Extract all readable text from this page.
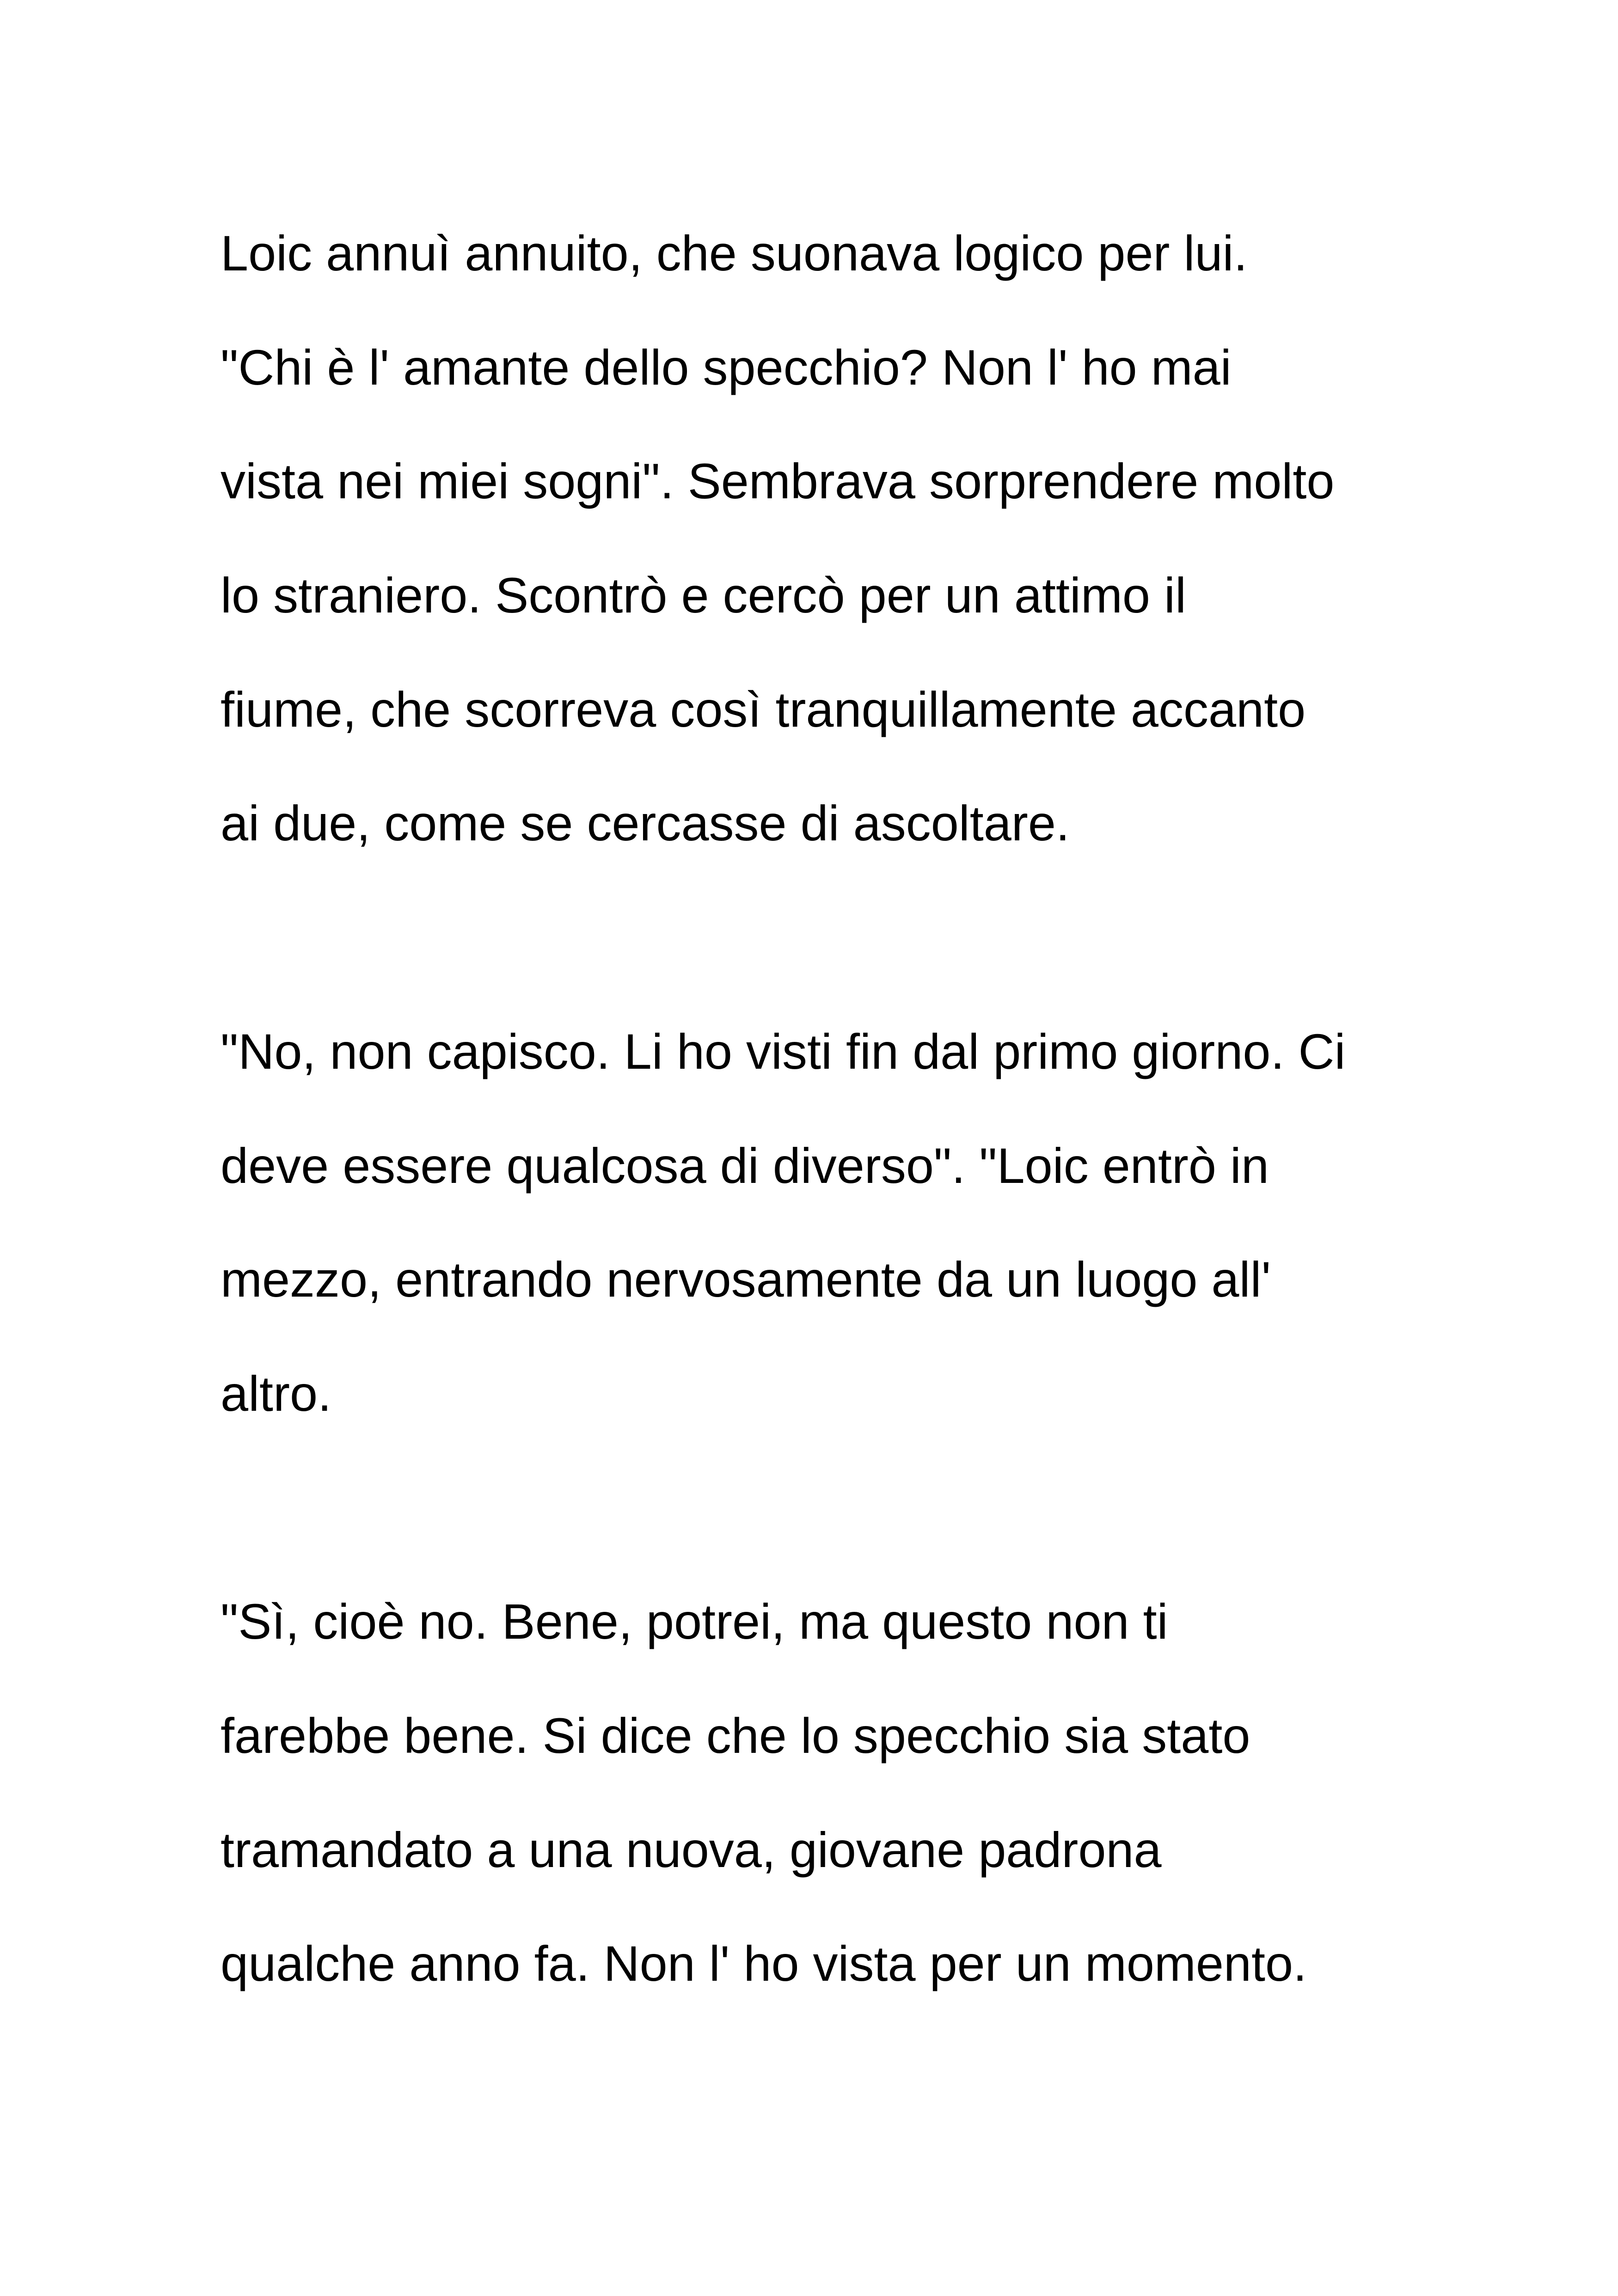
Loic annuì annuito, che suonava logico per lui.
"Chi è l' amante dello specchio? Non l' ho mai
vista nei miei sogni". Sembrava sorprendere molto
lo straniero. Scontrò e cercò per un attimo il
fiume, che scorreva così tranquillamente accanto
ai due, come se cercasse di ascoltare.
"No, non capisco. Li ho visti fin dal primo giorno. Ci
deve essere qualcosa di diverso". "Loic entrò in
mezzo, entrando nervosamente da un luogo all'
altro.
"Sì, cioè no. Bene, potrei, ma questo non ti
farebbe bene. Si dice che lo specchio sia stato
tramandato a una nuova, giovane padrona
qualche anno fa. Non l' ho vista per un momento.
